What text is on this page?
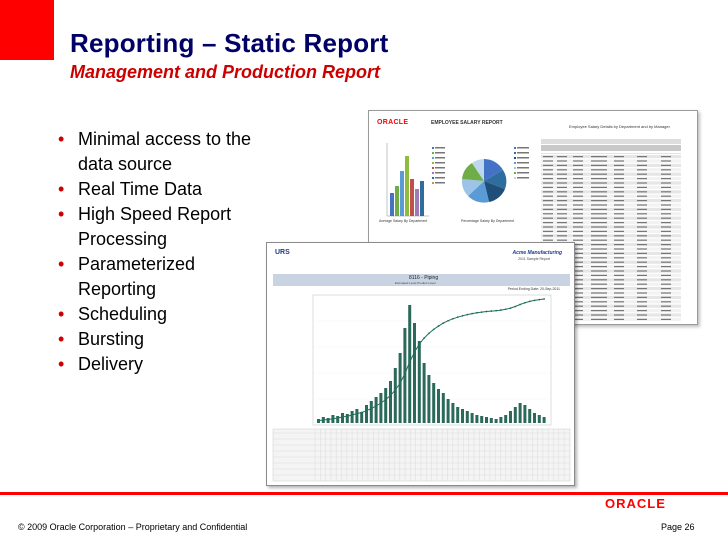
Reporting – Static Report
Management and Production Report
• Minimal access to the data source
• Real Time Data
• High Speed Report Processing
• Parameterized Reporting
• Scheduling
• Bursting
• Delivery
ORACLE	EMPLOYEE SALARY REPORT
Employee Salary Details by Department and by Manager
Average Salary By Department	Percentage Salary By Department
URS	Acme Manufacturing
2011 Sample Report
8116 - Piping
Estimated Level Product Level
Period Ending Date: 20-Sep-2011
ORACLE
© 2009 Oracle Corporation – Proprietary and Confidential	Page 26
